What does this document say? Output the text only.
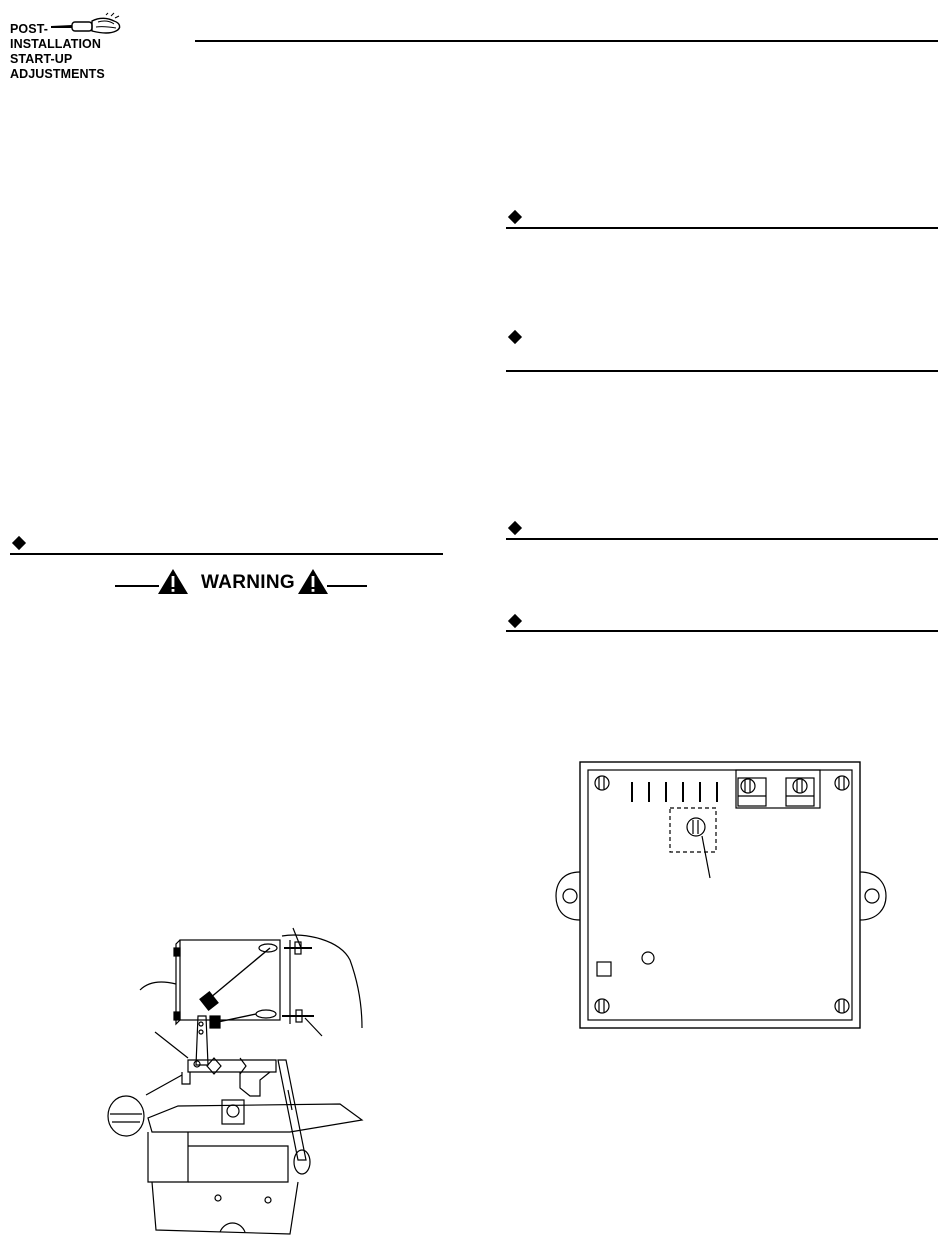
POST-
INSTALLATION
START-UP
ADJUSTMENTS
WARNING
